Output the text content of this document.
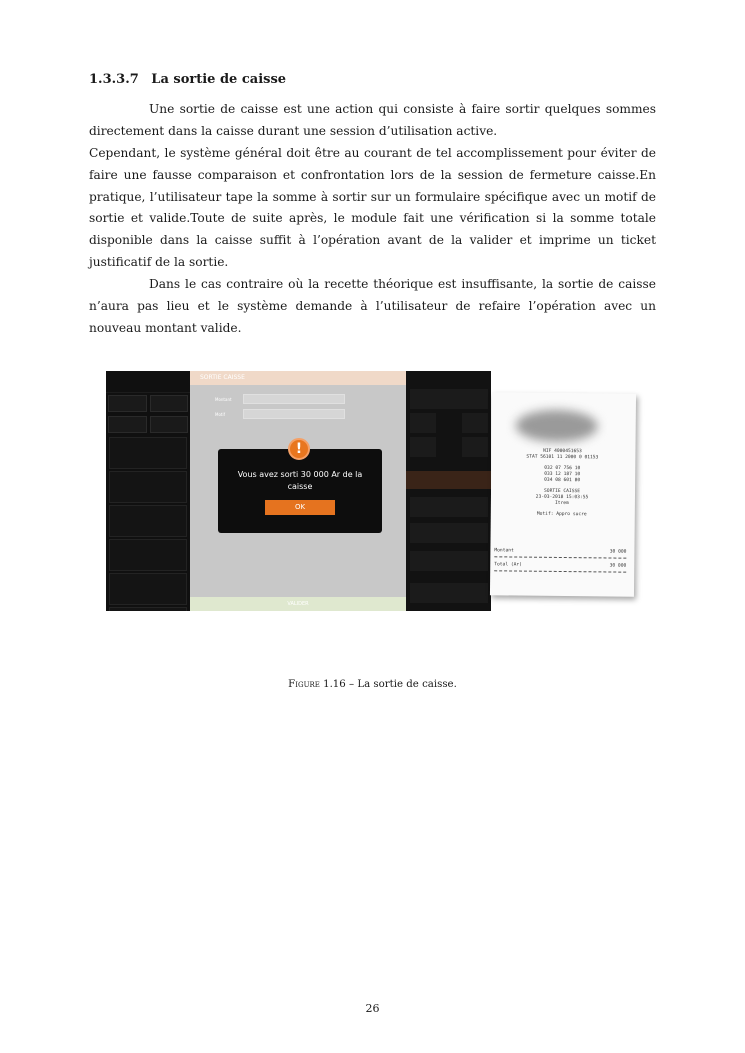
1.3.3.7 La sortie de caisse

Une sortie de caisse est une action qui consiste à faire sortir quelques sommes directement dans la caisse durant une session d’utilisation active.

Cependant, le système général doit être au courant de tel accomplissement pour éviter de faire une fausse comparaison et confrontation lors de la session de fermeture caisse.En pratique, l’utilisateur tape la somme à sortir sur un formulaire spécifique avec un motif de sortie et valide.Toute de suite après, le module fait une vérification si la somme totale disponible dans la caisse suffit à l’opération avant de la valider et imprime un ticket justificatif de la sortie.

Dans le cas contraire où la recette théorique est insuffisante, la sortie de caisse n’aura pas lieu et le système demande à l’utilisateur de refaire l’opération avec un nouveau montant valide.

SORTIE CAISSE
Montant
Motif
VALIDER
!
Vous avez sorti 30 000 Ar de la caisse
OK
NIF 4000451653
STAT 56101 11 2000 0 01153
032 07 756 10
033 12 187 10
034 08 601 80
SORTIE CAISSE
23-03-2018 15:03:55
Itrem
Motif: Appro sucre
Montant	30 000
Total (Ar)	30 000
Figure 1.16 – La sortie de caisse.
26
